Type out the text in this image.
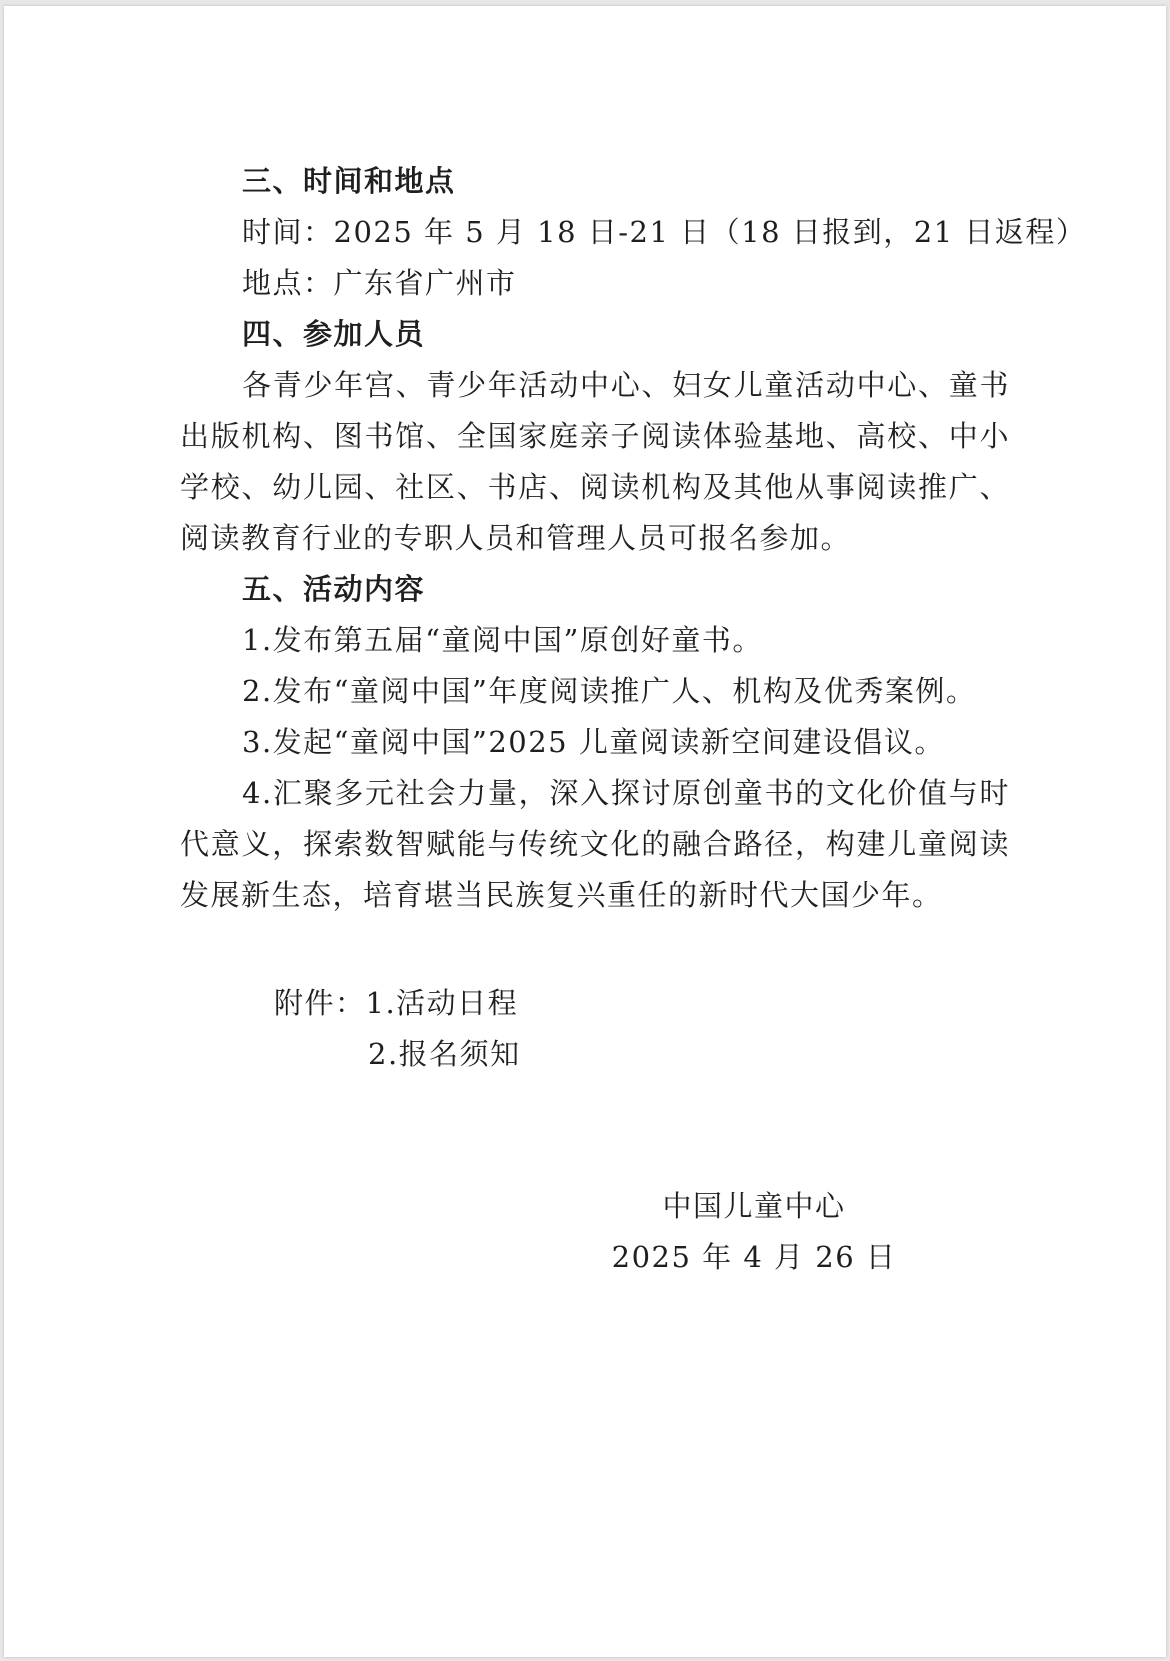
三、时间和地点
时间：2025 年 5 月 18 日-21 日（18 日报到，21 日返程）
地点：广东省广州市
四、参加人员

各青少年宫、青少年活动中心、妇女儿童活动中心、童书出版机构、图书馆、全国家庭亲子阅读体验基地、高校、中小学校、幼儿园、社区、书店、阅读机构及其他从事阅读推广、阅读教育行业的专职人员和管理人员可报名参加。

五、活动内容
1.发布第五届“童阅中国”原创好童书。
2.发布“童阅中国”年度阅读推广人、机构及优秀案例。
3.发起“童阅中国”2025 儿童阅读新空间建设倡议。

4.汇聚多元社会力量，深入探讨原创童书的文化价值与时代意义，探索数智赋能与传统文化的融合路径，构建儿童阅读发展新生态，培育堪当民族复兴重任的新时代大国少年。

附件：1.活动日程
2.报名须知
中国儿童中心
2025 年 4 月 26 日
